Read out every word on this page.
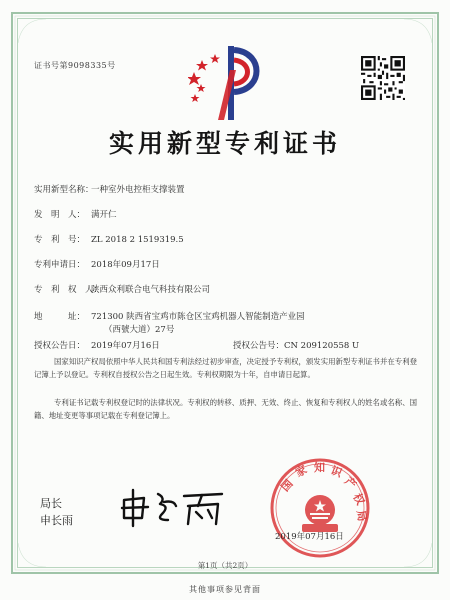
证书号第9098335号
实用新型专利证书
实用新型名称：一种室外电控柜支撑装置
发　明　人： 满开仁
专　利　号： ZL 2018 2 1519319.5
专利申请日： 2018年09月17日
专　利　权　人：陕西众利联合电气科技有限公司
地　　　址： 721300 陕西省宝鸡市陈仓区宝鸡机器人智能制造产业园
（西號大道）27号
授权公告日： 2019年07月16日	授权公告号：CN 209120558 U

国家知识产权局依照中华人民共和国专利法经过初步审查，决定授予专利权，颁发实用新型专利证书并在专利登记簿上予以登记。专利权自授权公告之日起生效。专利权期限为十年，自申请日起算。

专利证书记载专利权登记时的法律状况。专利权的转移、质押、无效、终止、恢复和专利权人的姓名或名称、国籍、地址变更等事项记载在专利登记簿上。

局长
申长雨
国
家 知 识
产
权
局
2019年07月16日
第1页（共2页）
其他事项参见背面
